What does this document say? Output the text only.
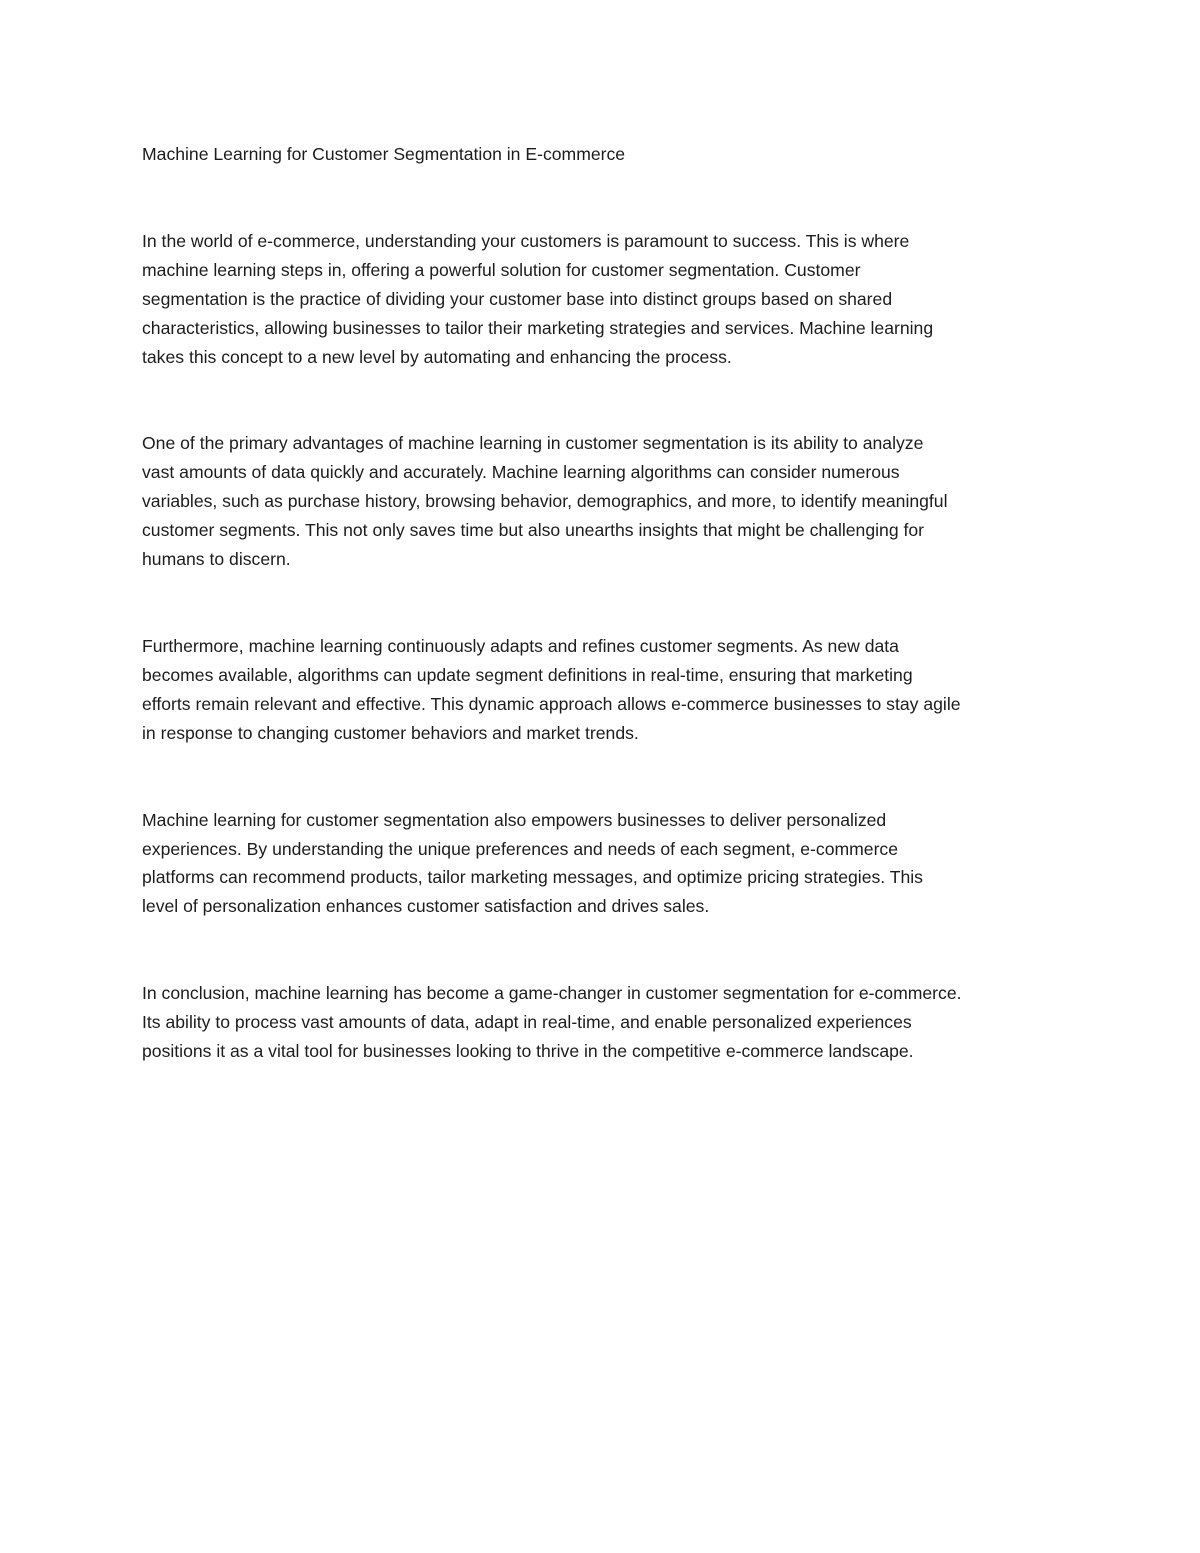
Machine Learning for Customer Segmentation in E-commerce

In the world of e-commerce, understanding your customers is paramount to success. This is where
machine learning steps in, offering a powerful solution for customer segmentation. Customer
segmentation is the practice of dividing your customer base into distinct groups based on shared
characteristics, allowing businesses to tailor their marketing strategies and services. Machine learning
takes this concept to a new level by automating and enhancing the process.

One of the primary advantages of machine learning in customer segmentation is its ability to analyze
vast amounts of data quickly and accurately. Machine learning algorithms can consider numerous
variables, such as purchase history, browsing behavior, demographics, and more, to identify meaningful
customer segments. This not only saves time but also unearths insights that might be challenging for
humans to discern.

Furthermore, machine learning continuously adapts and refines customer segments. As new data
becomes available, algorithms can update segment definitions in real-time, ensuring that marketing
efforts remain relevant and effective. This dynamic approach allows e-commerce businesses to stay agile
in response to changing customer behaviors and market trends.

Machine learning for customer segmentation also empowers businesses to deliver personalized
experiences. By understanding the unique preferences and needs of each segment, e-commerce
platforms can recommend products, tailor marketing messages, and optimize pricing strategies. This
level of personalization enhances customer satisfaction and drives sales.

In conclusion, machine learning has become a game-changer in customer segmentation for e-commerce.
Its ability to process vast amounts of data, adapt in real-time, and enable personalized experiences
positions it as a vital tool for businesses looking to thrive in the competitive e-commerce landscape.
